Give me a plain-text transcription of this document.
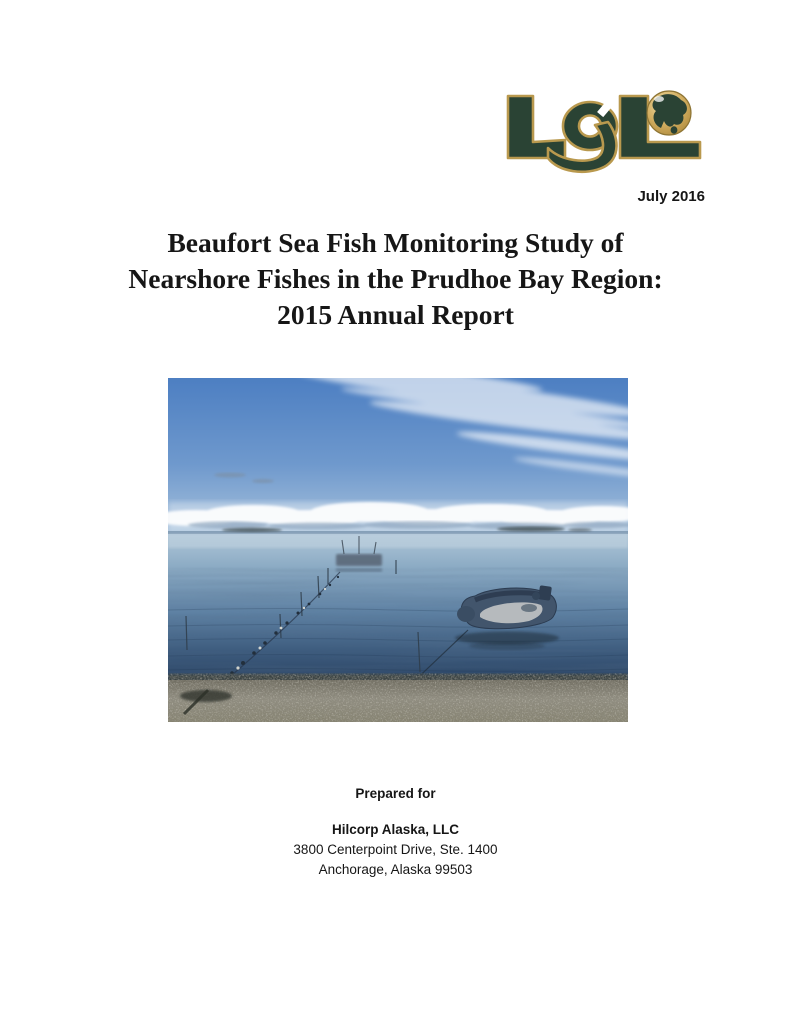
July 2016
Beaufort Sea Fish Monitoring Study of
Nearshore Fishes in the Prudhoe Bay Region:
2015 Annual Report
Prepared for
Hilcorp Alaska, LLC
3800 Centerpoint Drive, Ste. 1400
Anchorage, Alaska 99503
